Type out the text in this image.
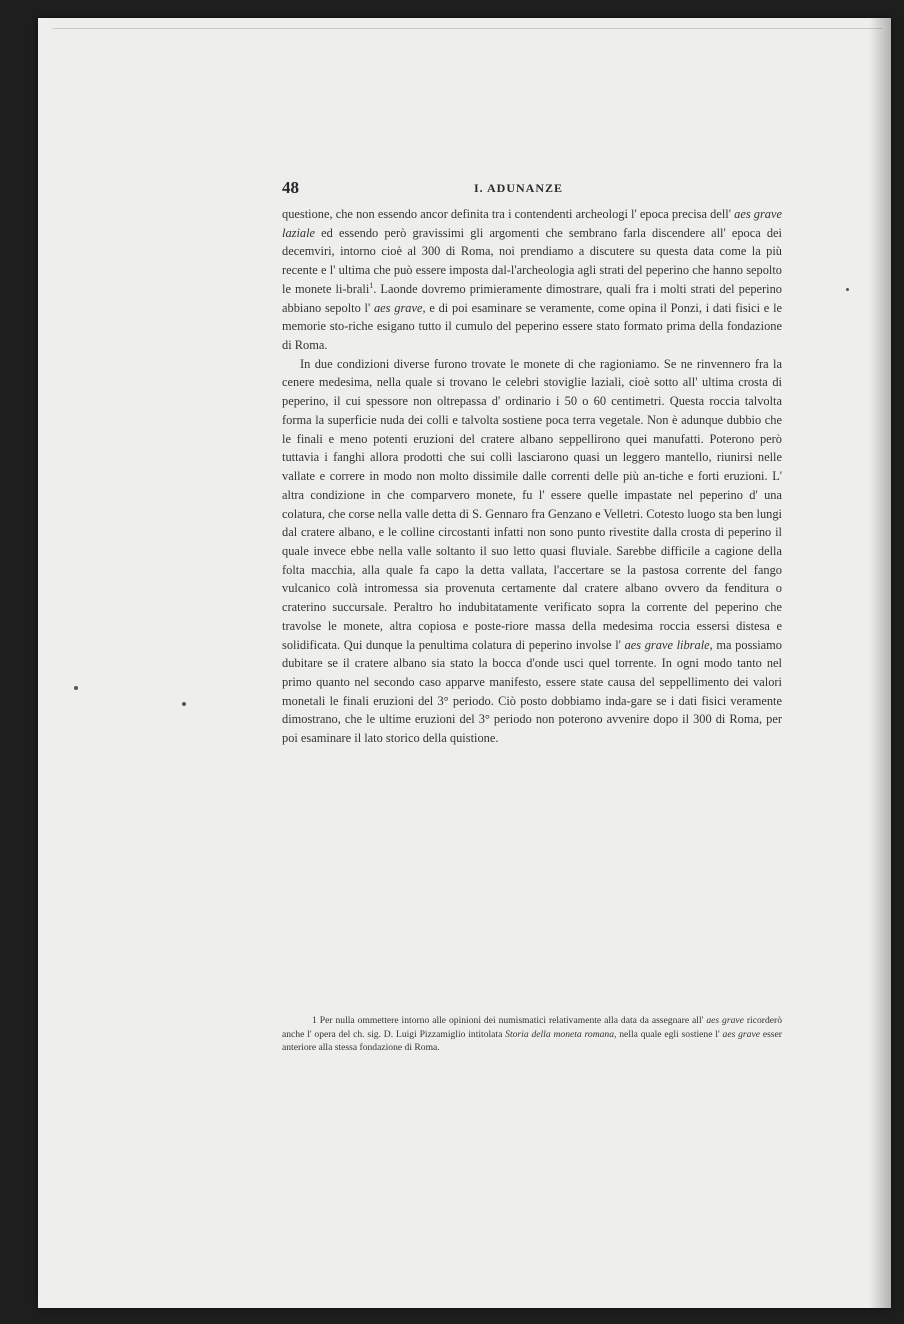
48	I. ADUNANZE

questione, che non essendo ancor definita tra i contendenti archeologi l' epoca precisa dell' aes grave laziale ed essendo però gravissimi gli argomenti che sembrano farla discendere all' epoca dei decemviri, intorno cioè al 300 di Roma, noi prendiamo a discutere su questa data come la più recente e l' ultima che può essere imposta dal-l'archeologia agli strati del peperino che hanno sepolto le monete li-brali$^1$. Laonde dovremo primieramente dimostrare, quali fra i molti strati del peperino abbiano sepolto l' aes grave, e di poi esaminare se veramente, come opina il Ponzi, i dati fisici e le memorie sto-riche esigano tutto il cumulo del peperino essere stato formato prima della fondazione di Roma.

In due condizioni diverse furono trovate le monete di che ragioniamo. Se ne rinvennero fra la cenere medesima, nella quale si trovano le celebri stoviglie laziali, cioè sotto all' ultima crosta di peperino, il cui spessore non oltrepassa d' ordinario i 50 o 60 centimetri. Questa roccia talvolta forma la superficie nuda dei colli e talvolta sostiene poca terra vegetale. Non è adunque dubbio che le finali e meno potenti eruzioni del cratere albano seppellirono quei manufatti. Poterono però tuttavia i fanghi allora prodotti che sui colli lasciarono quasi un leggero mantello, riunirsi nelle vallate e correre in modo non molto dissimile dalle correnti delle più an-tiche e forti eruzioni. L' altra condizione in che comparvero monete, fu l' essere quelle impastate nel peperino d' una colatura, che corse nella valle detta di S. Gennaro fra Genzano e Velletri. Cotesto luogo sta ben lungi dal cratere albano, e le colline circostanti infatti non sono punto rivestite dalla crosta di peperino il quale invece ebbe nella valle soltanto il suo letto quasi fluviale. Sarebbe difficile a cagione della folta macchia, alla quale fa capo la detta vallata, l'accertare se la pastosa corrente del fango vulcanico colà intromessa sia provenuta certamente dal cratere albano ovvero da fenditura o craterino succursale. Peraltro ho indubitatamente verificato sopra la corrente del peperino che travolse le monete, altra copiosa e poste-riore massa della medesima roccia essersi distesa e solidificata. Qui dunque la penultima colatura di peperino involse l' aes grave librale, ma possiamo dubitare se il cratere albano sia stato la bocca d'onde usci quel torrente. In ogni modo tanto nel primo quanto nel secondo caso apparve manifesto, essere state causa del seppellimento dei valori monetali le finali eruzioni del 3° periodo. Ciò posto dobbiamo inda-gare se i dati fisici veramente dimostrano, che le ultime eruzioni del 3° periodo non poterono avvenire dopo il 300 di Roma, per poi esaminare il lato storico della quistione.

1 Per nulla ommettere intorno alle opinioni dei numismatici relativamente alla data da assegnare all' aes grave ricorderò anche l' opera del ch. sig. D. Luigi Pizzamiglio intitolata Storia della moneta romana, nella quale egli sostiene l' aes grave esser anteriore alla stessa fondazione di Roma.
